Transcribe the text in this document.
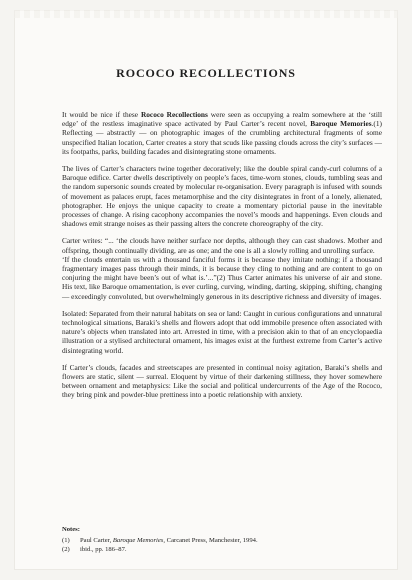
ROCOCO RECOLLECTIONS

It would be nice if these Rococo Recollections were seen as occupying a realm somewhere at the ‘still edge’ of the restless imaginative space activated by Paul Carter’s recent novel, Baroque Memories.(1) Reflecting — abstractly — on photographic images of the crumbling architectural fragments of some unspecified Italian location, Carter creates a story that scuds like passing clouds across the city’s surfaces — its footpaths, parks, building facades and disintegrating stone ornaments.

The lives of Carter’s characters twine together decoratively; like the double spiral candy-curl columns of a Baroque edifice. Carter dwells descriptively on people’s faces, time-worn stones, clouds, tumbling seas and the random supersonic sounds created by molecular re-organisation. Every paragraph is infused with sounds of movement as palaces erupt, faces metamorphise and the city disintegrates in front of a lonely, alienated, photographer. He enjoys the unique capacity to create a momentary pictorial pause in the inevitable processes of change. A rising cacophony accompanies the novel’s moods and happenings. Even clouds and shadows emit strange noises as their passing alters the concrete choreography of the city.

Carter writes: “... ‘the clouds have neither surface nor depths, although they can cast shadows. Mother and offspring, though continually dividing, are as one; and the one is all a slowly rolling and unrolling surface.

‘If the clouds entertain us with a thousand fanciful forms it is because they imitate nothing; if a thousand fragmentary images pass through their minds, it is because they cling to nothing and are content to go on conjuring the might have been’s out of what is.’...”(2) Thus Carter animates his universe of air and stone. His text, like Baroque ornamentation, is ever curling, curving, winding, darting, skipping, shifting, changing — exceedingly convoluted, but overwhelmingly generous in its descriptive richness and diversity of images.

Isolated: Separated from their natural habitats on sea or land: Caught in curious configurations and unnatural technological situations, Baraki’s shells and flowers adopt that odd immobile presence often associated with nature’s objects when translated into art. Arrested in time, with a precision akin to that of an encyclopaedia illustration or a stylised architectural ornament, his images exist at the furthest extreme from Carter’s active disintegrating world.

If Carter’s clouds, facades and streetscapes are presented in continual noisy agitation, Baraki’s shells and flowers are static, silent — surreal. Eloquent by virtue of their darkening stillness, they hover somewhere between ornament and metaphysics: Like the social and political undercurrents of the Age of the Rococo, they bring pink and powder-blue prettiness into a poetic relationship with anxiety.

Notes:
(1)	Paul Carter, Baroque Memories, Carcanet Press, Manchester, 1994.
(2)	ibid., pp. 186–87.
